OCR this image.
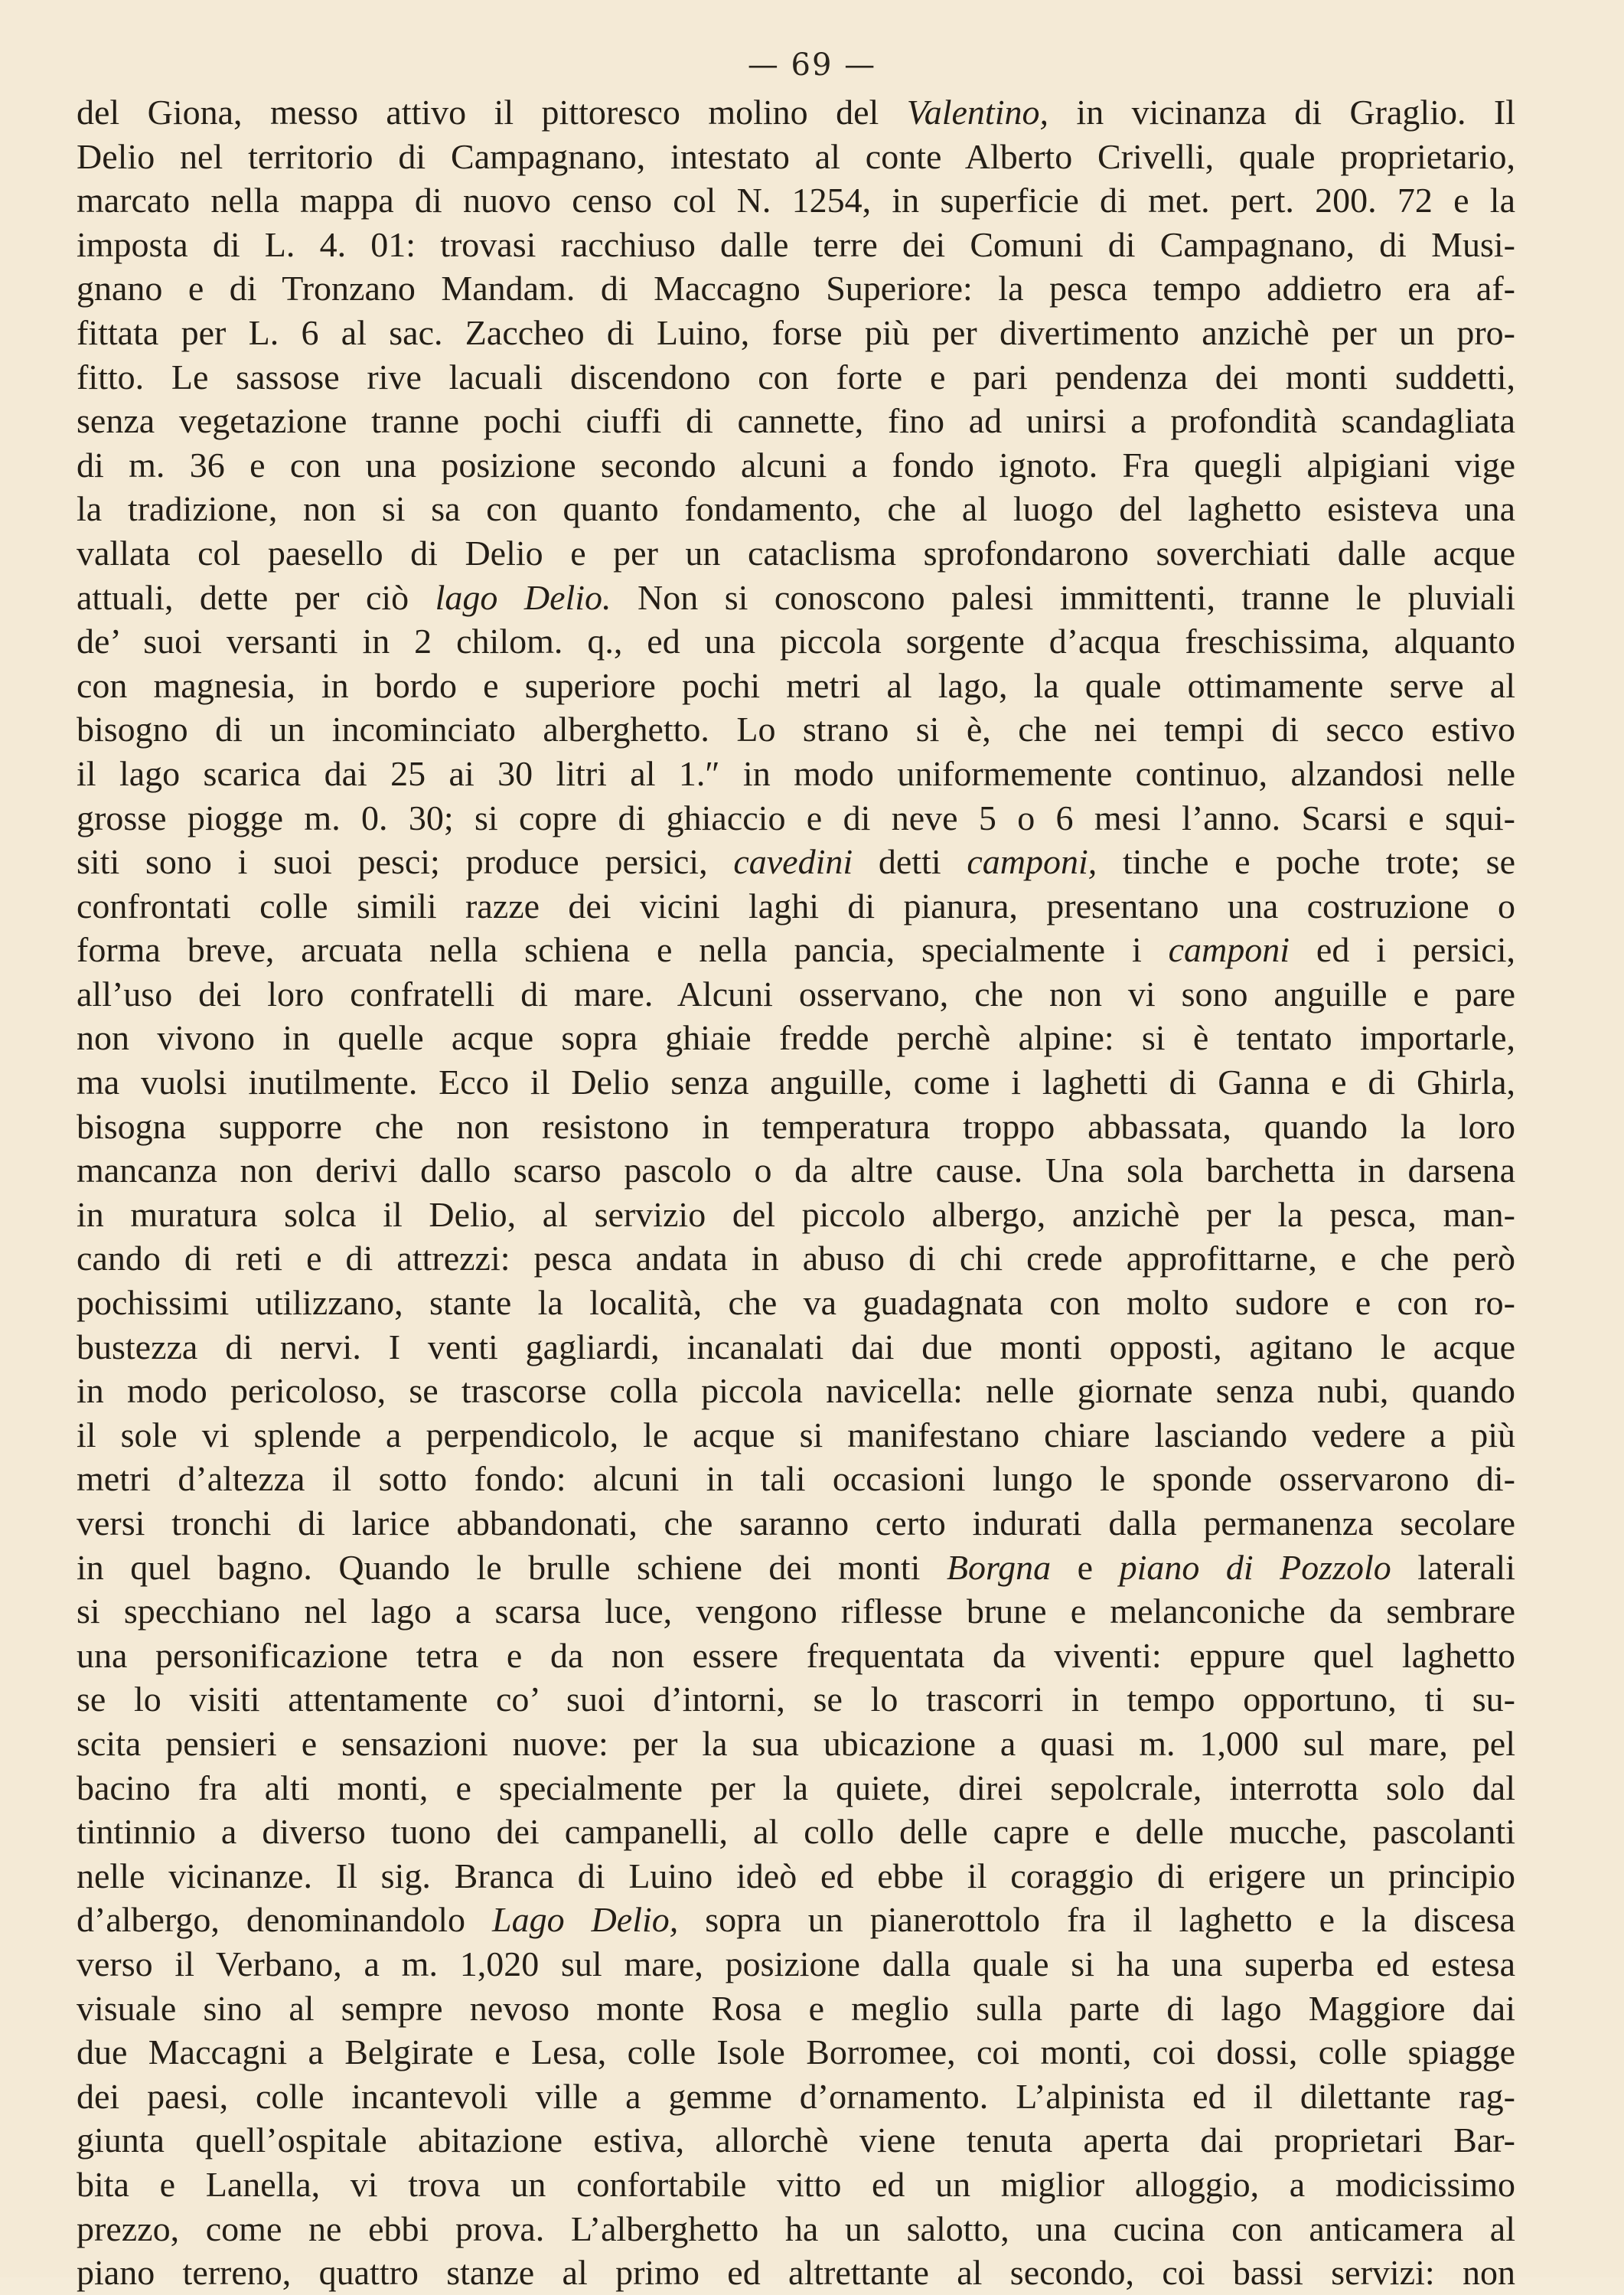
— 69 —
del Giona, messo attivo il pittoresco molino del Valentino, in vicinanza di Graglio. Il
Delio nel territorio di Campagnano, intestato al conte Alberto Crivelli, quale proprietario,
marcato nella mappa di nuovo censo col N. 1254, in superficie di met. pert. 200. 72 e la
imposta di L. 4. 01: trovasi racchiuso dalle terre dei Comuni di Campagnano, di Musi-
gnano e di Tronzano Mandam. di Maccagno Superiore: la pesca tempo addietro era af-
fittata per L. 6 al sac. Zaccheo di Luino, forse più per divertimento anzichè per un pro-
fitto. Le sassose rive lacuali discendono con forte e pari pendenza dei monti suddetti,
senza vegetazione tranne pochi ciuffi di cannette, fino ad unirsi a profondità scandagliata
di m. 36 e con una posizione secondo alcuni a fondo ignoto. Fra quegli alpigiani vige
la tradizione, non si sa con quanto fondamento, che al luogo del laghetto esisteva una
vallata col paesello di Delio e per un cataclisma sprofondarono soverchiati dalle acque
attuali, dette per ciò lago Delio. Non si conoscono palesi immittenti, tranne le pluviali
de’ suoi versanti in 2 chilom. q., ed una piccola sorgente d’acqua freschissima, alquanto
con magnesia, in bordo e superiore pochi metri al lago, la quale ottimamente serve al
bisogno di un incominciato alberghetto. Lo strano si è, che nei tempi di secco estivo
il lago scarica dai 25 ai 30 litri al 1.″ in modo uniformemente continuo, alzandosi nelle
grosse piogge m. 0. 30; si copre di ghiaccio e di neve 5 o 6 mesi l’anno. Scarsi e squi-
siti sono i suoi pesci; produce persici, cavedini detti camponi, tinche e poche trote; se
confrontati colle simili razze dei vicini laghi di pianura, presentano una costruzione o
forma breve, arcuata nella schiena e nella pancia, specialmente i camponi ed i persici,
all’uso dei loro confratelli di mare. Alcuni osservano, che non vi sono anguille e pare
non vivono in quelle acque sopra ghiaie fredde perchè alpine: si è tentato importarle,
ma vuolsi inutilmente. Ecco il Delio senza anguille, come i laghetti di Ganna e di Ghirla,
bisogna supporre che non resistono in temperatura troppo abbassata, quando la loro
mancanza non derivi dallo scarso pascolo o da altre cause. Una sola barchetta in darsena
in muratura solca il Delio, al servizio del piccolo albergo, anzichè per la pesca, man-
cando di reti e di attrezzi: pesca andata in abuso di chi crede approfittarne, e che però
pochissimi utilizzano, stante la località, che va guadagnata con molto sudore e con ro-
bustezza di nervi. I venti gagliardi, incanalati dai due monti opposti, agitano le acque
in modo pericoloso, se trascorse colla piccola navicella: nelle giornate senza nubi, quando
il sole vi splende a perpendicolo, le acque si manifestano chiare lasciando vedere a più
metri d’altezza il sotto fondo: alcuni in tali occasioni lungo le sponde osservarono di-
versi tronchi di larice abbandonati, che saranno certo indurati dalla permanenza secolare
in quel bagno. Quando le brulle schiene dei monti Borgna e piano di Pozzolo laterali
si specchiano nel lago a scarsa luce, vengono riflesse brune e melanconiche da sembrare
una personificazione tetra e da non essere frequentata da viventi: eppure quel laghetto
se lo visiti attentamente co’ suoi d’intorni, se lo trascorri in tempo opportuno, ti su-
scita pensieri e sensazioni nuove: per la sua ubicazione a quasi m. 1,000 sul mare, pel
bacino fra alti monti, e specialmente per la quiete, direi sepolcrale, interrotta solo dal
tintinnio a diverso tuono dei campanelli, al collo delle capre e delle mucche, pascolanti
nelle vicinanze. Il sig. Branca di Luino ideò ed ebbe il coraggio di erigere un principio
d’albergo, denominandolo Lago Delio, sopra un pianerottolo fra il laghetto e la discesa
verso il Verbano, a m. 1,020 sul mare, posizione dalla quale si ha una superba ed estesa
visuale sino al sempre nevoso monte Rosa e meglio sulla parte di lago Maggiore dai
due Maccagni a Belgirate e Lesa, colle Isole Borromee, coi monti, coi dossi, colle spiagge
dei paesi, colle incantevoli ville a gemme d’ornamento. L’alpinista ed il dilettante rag-
giunta quell’ospitale abitazione estiva, allorchè viene tenuta aperta dai proprietari Bar-
bita e Lanella, vi trova un confortabile vitto ed un miglior alloggio, a modicissimo
prezzo, come ne ebbi prova. L’alberghetto ha un salotto, una cucina con anticamera al
piano terreno, quattro stanze al primo ed altrettante al secondo, coi bassi servizi: non
